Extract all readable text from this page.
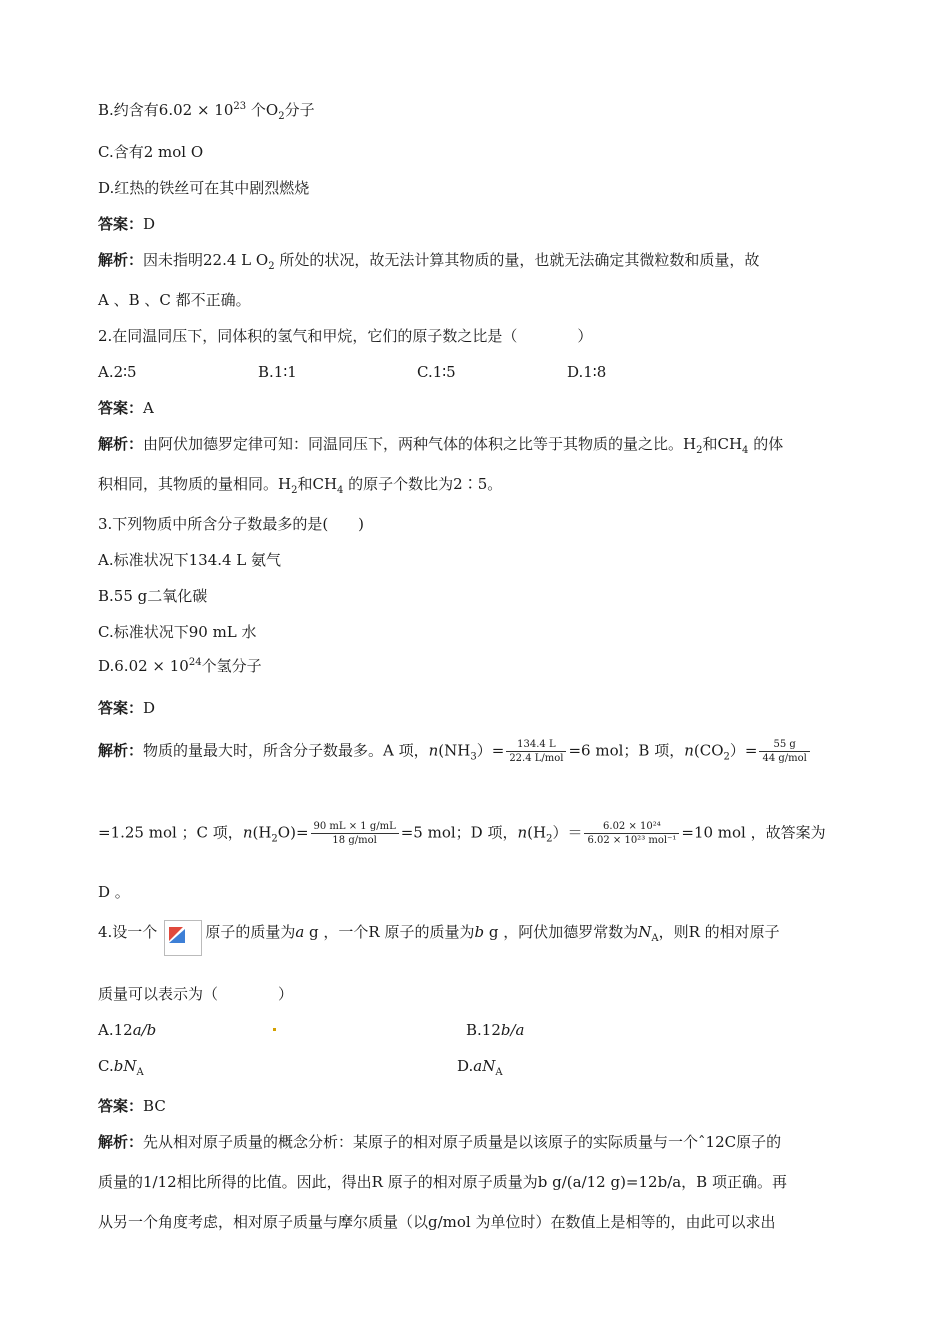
B.约含有$6.02 \times 10^{23}$ 个$O_2$分子
C.含有2 mol O
D.红热的铁丝可在其中剧烈燃烧
答案：D
解析：因未指明22.4 L $O_2$ 所处的状况，故无法计算其物质的量，也就无法确定其微粒数和质量，故
A 、B 、C 都不正确。
2.在同温同压下，同体积的氢气和甲烷，它们的原子数之比是（　　　　）
A.2∶5	B.1∶1	C.1∶5	D.1∶8
答案：A
解析：由阿伏加德罗定律可知：同温同压下，两种气体的体积之比等于其物质的量之比。$H_2$和$CH_4$ 的体
积相同，其物质的量相同。$H_2$和$CH_4$ 的原子个数比为2∶5。
3.下列物质中所含分子数最多的是(　　)
A.标准状况下134.4 L 氨气
B.55 g二氧化碳
C.标准状况下90 mL 水
$D.6.02 \times 10^{24}$个氢分子
答案：D
解析：物质的量最大时，所含分子数最多。A 项，$n(NH_3)= \frac{134.4 L}{\text{22.4 L/mol}} =6$ mol；B 项，$n(CO_2)= \frac{55 g}{\text{44 g/mol}}$
=1.25 mol ；C 项，$n(H_2O)= \frac{90 mL \times 1 g/mL}{\text{18 g/mol}} =5$ mol；D 项，$n(H_2)= \frac{\text{6.02 × 10²⁴}}{\text{6.02 × 10²³ mol⁻¹}} =10$ mol ，故答案为
D 。
4.设一个	原子的质量为a g ，一个R 原子的质量为b g ，阿伏加德罗常数为$N_A$，则R 的相对原子
质量可以表示为（　　　　）
A.12a/b	B.12b/a
$C.bN_A$	$D.aN_A$
答案：BC
解析：先从相对原子质量的概念分析：某原子的相对原子质量是以该原子的实际质量与一个ˆ12C原子的
质量的1/12相比所得的比值。因此，得出R 原子的相对原子质量为b g/(a/12 g)=12b/a，B 项正确。再
从另一个角度考虑，相对原子质量与摩尔质量（以g/mol 为单位时）在数值上是相等的，由此可以求出
